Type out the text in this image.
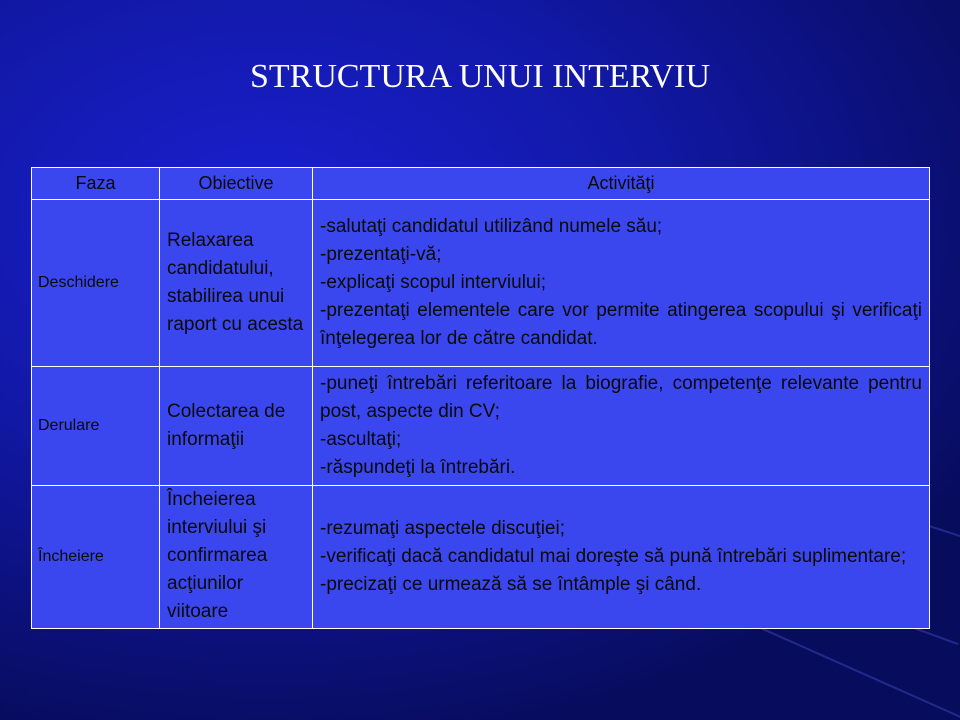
STRUCTURA UNUI INTERVIU
Faza	Obiective	Activităţi
Deschidere	Relaxarea candidatului, stabilirea unui raport cu acesta	-salutaţi candidatul utilizând numele său;
-prezentaţi-vă;
-explicaţi scopul interviului;
-prezentaţi elementele care vor permite atingerea scopului şi verificaţi înţelegerea lor de către candidat.

Derulare	Colectarea de informaţii	-puneţi întrebări referitoare la biografie, competenţe relevante pentru post, aspecte din CV;
-ascultaţi;
-răspundeţi la întrebări.

Încheiere	Încheierea interviului şi confirmarea acţiunilor viitoare	-rezumaţi aspectele discuţiei;
-verificaţi dacă candidatul mai doreşte să pună întrebări suplimentare;
-precizaţi ce urmează să se întâmple şi când.
